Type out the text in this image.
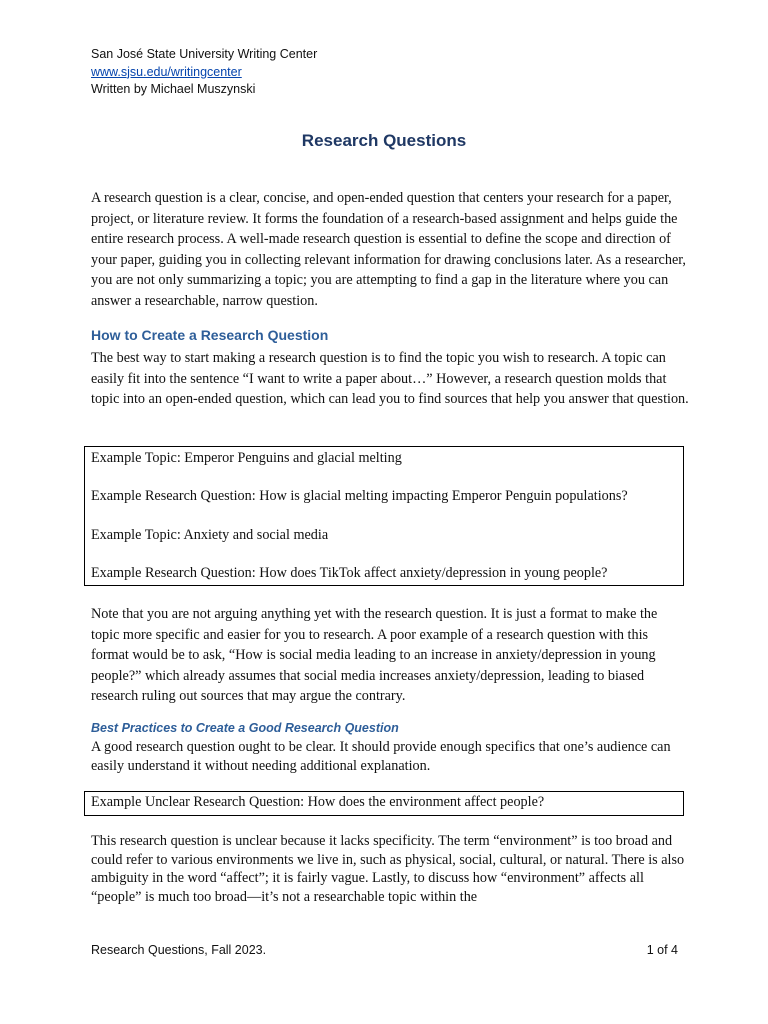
San José State University Writing Center
www.sjsu.edu/writingcenter
Written by Michael Muszynski
Research Questions

A research question is a clear, concise, and open-ended question that centers your research for a paper, project, or literature review. It forms the foundation of a research-based assignment and helps guide the entire research process. A well-made research question is essential to define the scope and direction of your paper, guiding you in collecting relevant information for drawing conclusions later. As a researcher, you are not only summarizing a topic; you are attempting to find a gap in the literature where you can answer a researchable, narrow question.

How to Create a Research Question

The best way to start making a research question is to find the topic you wish to research. A topic can easily fit into the sentence “I want to write a paper about…” However, a research question molds that topic into an open-ended question, which can lead you to find sources that help you answer that question.

Example Topic: Emperor Penguins and glacial melting

Example Research Question: How is glacial melting impacting Emperor Penguin populations?

Example Topic: Anxiety and social media

Example Research Question: How does TikTok affect anxiety/depression in young people?

Note that you are not arguing anything yet with the research question. It is just a format to make the topic more specific and easier for you to research. A poor example of a research question with this format would be to ask, “How is social media leading to an increase in anxiety/depression in young people?” which already assumes that social media increases anxiety/depression, leading to biased research ruling out sources that may argue the contrary.

Best Practices to Create a Good Research Question

A good research question ought to be clear. It should provide enough specifics that one’s audience can easily understand it without needing additional explanation.

Example Unclear Research Question: How does the environment affect people?

This research question is unclear because it lacks specificity. The term “environment” is too broad and could refer to various environments we live in, such as physical, social, cultural, or natural. There is also ambiguity in the word “affect”; it is fairly vague. Lastly, to discuss how “environment” affects all “people” is much too broad—it’s not a researchable topic within the

Research Questions, Fall 2023.	1 of 4
